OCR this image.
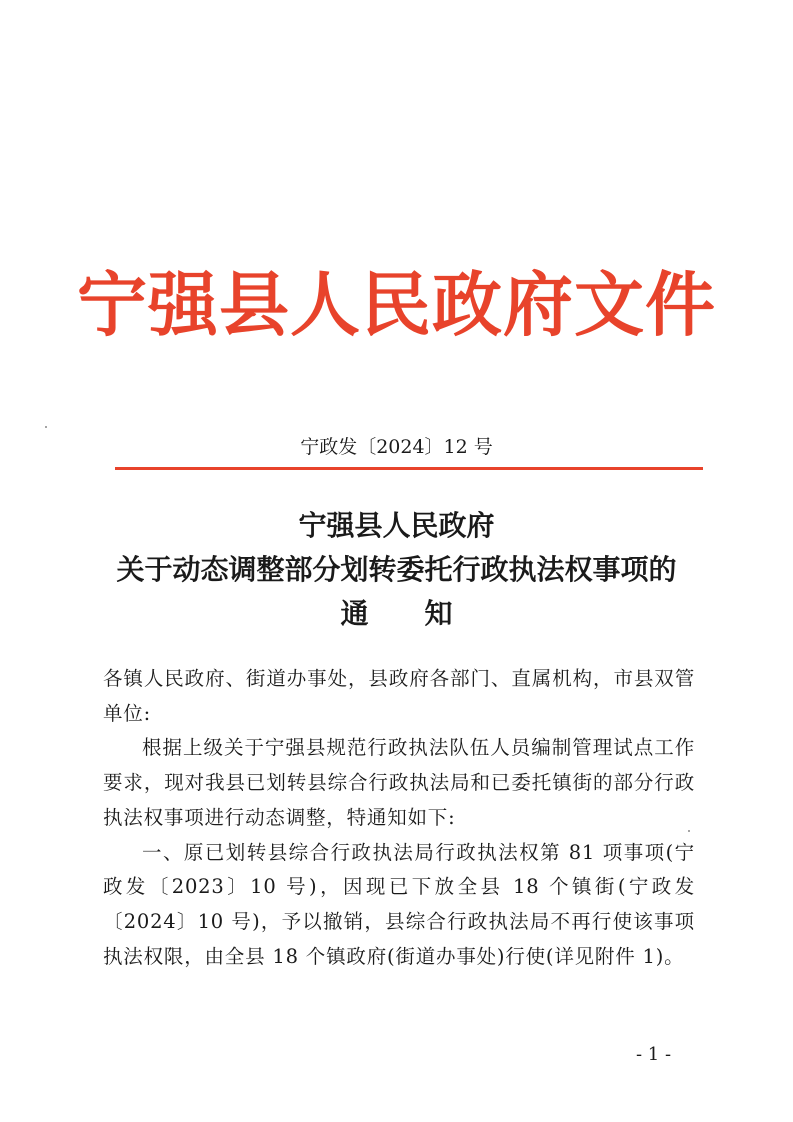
宁强县人民政府文件
宁政发〔2024〕12 号
宁强县人民政府
关于动态调整部分划转委托行政执法权事项的
通知

各镇人民政府、街道办事处，县政府各部门、直属机构，市县双管单位:

根据上级关于宁强县规范行政执法队伍人员编制管理试点工作要求，现对我县已划转县综合行政执法局和已委托镇街的部分行政执法权事项进行动态调整，特通知如下:

一、原已划转县综合行政执法局行政执法权第 81 项事项(宁政发〔2023〕10 号)，因现已下放全县 18 个镇街(宁政发〔2024〕10 号)，予以撤销，县综合行政执法局不再行使该事项执法权限，由全县 18 个镇政府(街道办事处)行使(详见附件 1)。

- 1 -
